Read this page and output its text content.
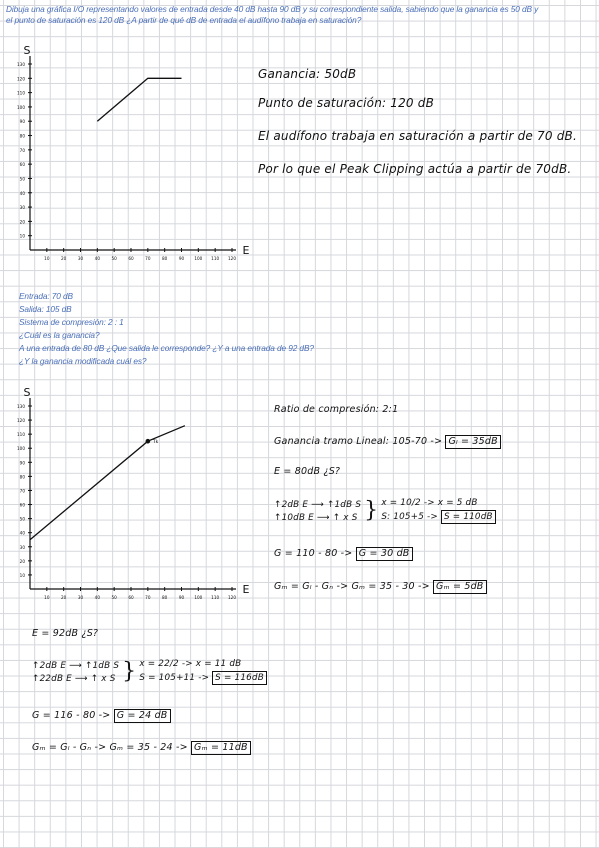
Dibuja una gráfica I/O representando valores de entrada desde 40 dB hasta 90 dB y su correspondiente salida, sabiendo que la ganancia es 50 dB y
el punto de saturación es 120 dB ¿A partir de qué dB de entrada el audífono trabaja en saturación?
S
E
10
20
30
40
50
60
70
80
90
100
110
120
130
10	20	30	40	50	60	70	80	90 100 110 120
Ganancia: 50dB
Punto de saturación: 120 dB
El audífono trabaja en saturación a partir de 70 dB.
Por lo que el Peak Clipping actúa a partir de 70dB.
Entrada: 70 dB
Salida: 105 dB
Sistema de compresión: 2 : 1
¿Cuál es la ganancia?
A una entrada de 80 dB ¿Que salida le corresponde? ¿Y a una entrada de 92 dB?
¿Y la ganancia modificada cuál es?
S
E
10
20
30
40
50
60
70
80
90
100
110
120
130
10	20	30	40	50	60	70	80	90 100 110 120
Tk
Ratio de compresión: 2:1
Ganancia tramo Lineal: 105-70 -> Gₗ = 35dB
E = 80dB ¿S?
↑2dB E ⟶ ↑1dB S
↑10dB E ⟶ ↑ x S } x = 10/2 -> x = 5 dB
S: 105+5 -> S = 110dB
G = 110 - 80 -> G = 30 dB
Gₘ = Gₗ - Gₙ -> Gₘ = 35 - 30 -> Gₘ = 5dB
E = 92dB ¿S?
↑2dB E ⟶ ↑1dB S
↑22dB E ⟶ ↑ x S } x = 22/2 -> x = 11 dB
S = 105+11 -> S = 116dB
G = 116 - 80 -> G = 24 dB
Gₘ = Gₗ - Gₙ -> Gₘ = 35 - 24 -> Gₘ = 11dB
